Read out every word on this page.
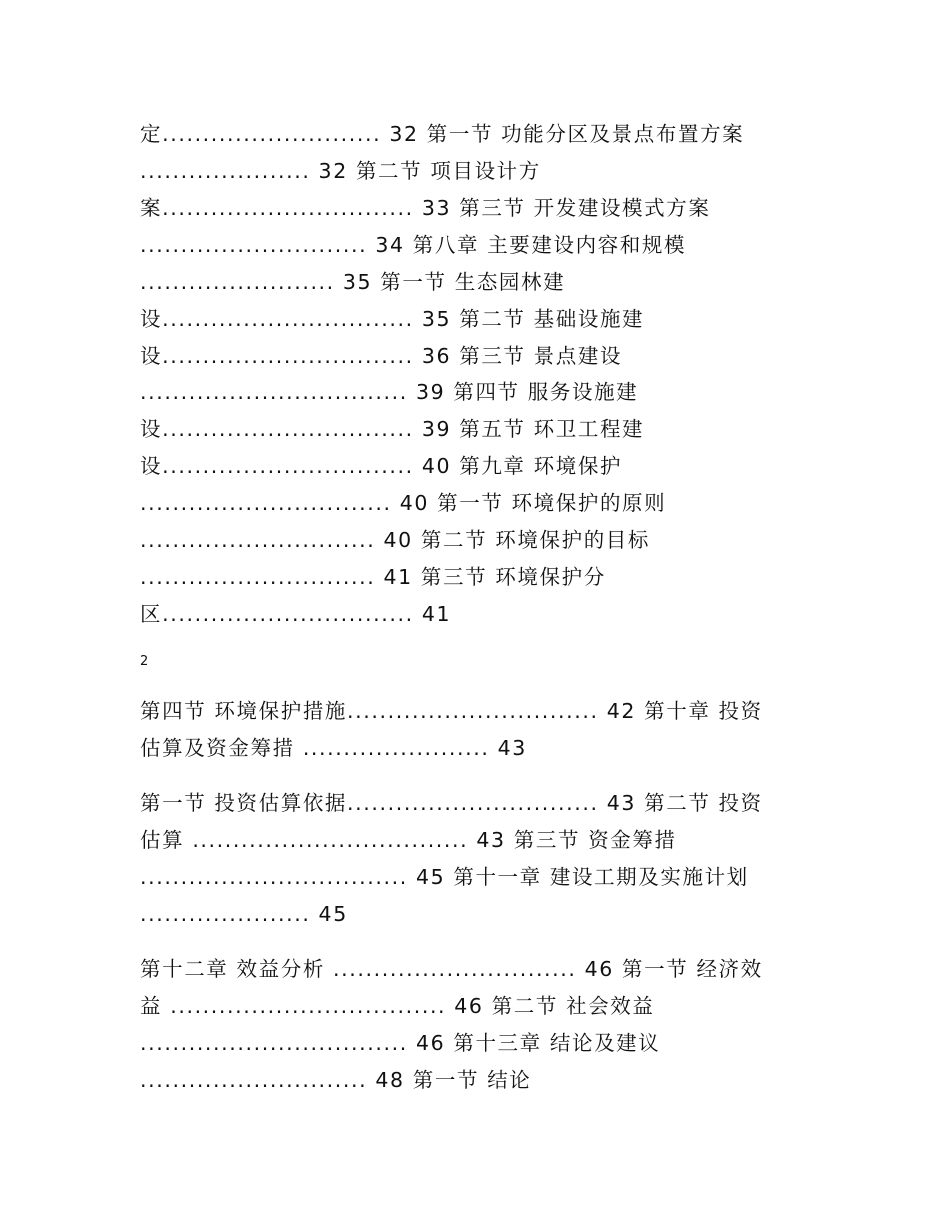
定........................... 32 第一节 功能分区及景点布置方案
..................... 32 第二节 项目设计方
案............................... 33 第三节 开发建设模式方案
............................ 34 第八章 主要建设内容和规模
........................ 35 第一节 生态园林建
设............................... 35 第二节 基础设施建
设............................... 36 第三节 景点建设
................................. 39 第四节 服务设施建
设............................... 39 第五节 环卫工程建
设............................... 40 第九章 环境保护
............................... 40 第一节 环境保护的原则
............................. 40 第二节 环境保护的目标
............................. 41 第三节 环境保护分
区............................... 41
2
第四节 环境保护措施............................... 42 第十章 投资
估算及资金筹措 ....................... 43
第一节 投资估算依据............................... 43 第二节 投资
估算 .................................. 43 第三节 资金筹措
................................. 45 第十一章 建设工期及实施计划
..................... 45
第十二章 效益分析 .............................. 46 第一节 经济效
益 .................................. 46 第二节 社会效益
................................. 46 第十三章 结论及建议
............................ 48 第一节 结论
